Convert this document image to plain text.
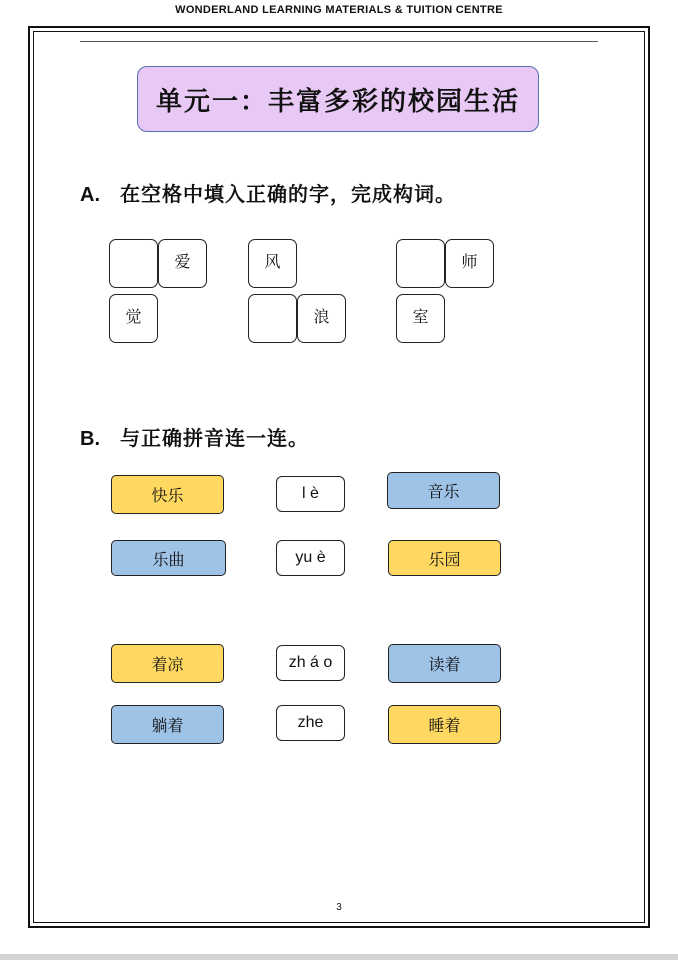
WONDERLAND LEARNING MATERIALS & TUITION CENTRE
单元一：丰富多彩的校园生活
A. 在空格中填入正确的字，完成构词。
爱
觉
风
浪
师
室
B. 与正确拼音连一连。
快乐	l è	音乐
乐曲	yu è	乐园
着凉	zh á o	读着
躺着	zhe	睡着
3
